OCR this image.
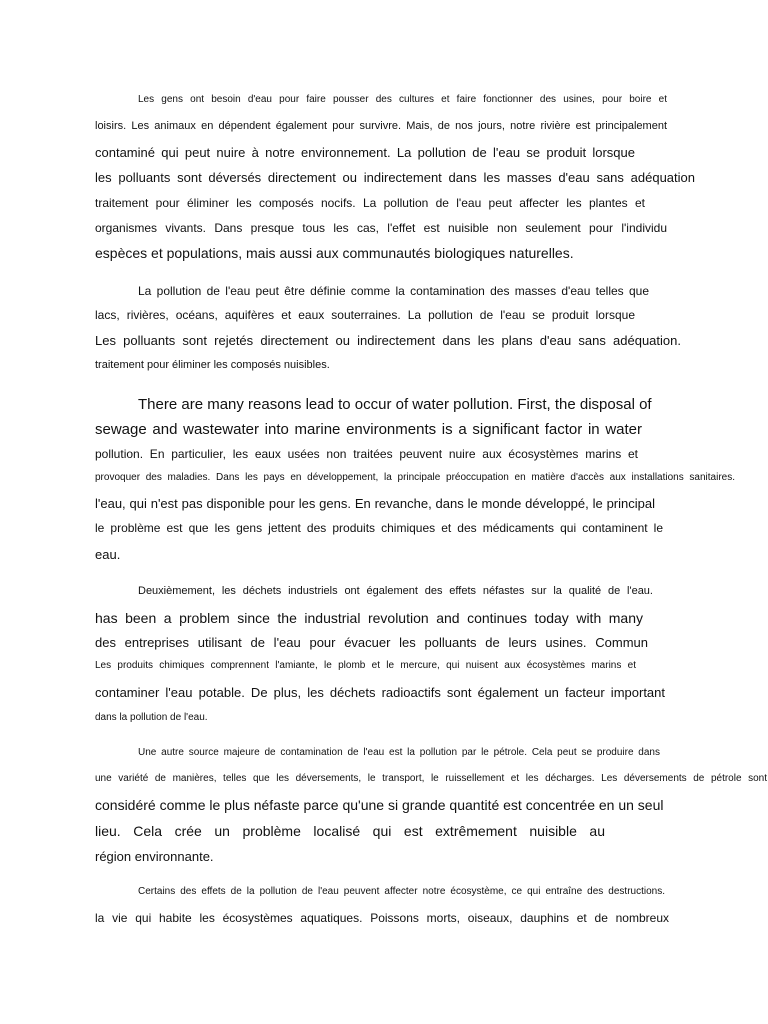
Les gens ont besoin d'eau pour faire pousser des cultures et faire fonctionner des usines, pour boire et
loisirs. Les animaux en dépendent également pour survivre. Mais, de nos jours, notre rivière est principalement
contaminé qui peut nuire à notre environnement. La pollution de l'eau se produit lorsque
les polluants sont déversés directement ou indirectement dans les masses d'eau sans adéquation
traitement pour éliminer les composés nocifs. La pollution de l'eau peut affecter les plantes et
organismes vivants. Dans presque tous les cas, l'effet est nuisible non seulement pour l'individu
espèces et populations, mais aussi aux communautés biologiques naturelles.
La pollution de l'eau peut être définie comme la contamination des masses d'eau telles que
lacs, rivières, océans, aquifères et eaux souterraines. La pollution de l'eau se produit lorsque
Les polluants sont rejetés directement ou indirectement dans les plans d'eau sans adéquation.
traitement pour éliminer les composés nuisibles.
There are many reasons lead to occur of water pollution. First, the disposal of
sewage and wastewater into marine environments is a significant factor in water
pollution. En particulier, les eaux usées non traitées peuvent nuire aux écosystèmes marins et
provoquer des maladies. Dans les pays en développement, la principale préoccupation en matière d'accès aux installations sanitaires.
l'eau, qui n'est pas disponible pour les gens. En revanche, dans le monde développé, le principal
le problème est que les gens jettent des produits chimiques et des médicaments qui contaminent le
eau.
Deuxièmement, les déchets industriels ont également des effets néfastes sur la qualité de l'eau.
has been a problem since the industrial revolution and continues today with many
des entreprises utilisant de l'eau pour évacuer les polluants de leurs usines. Commun
Les produits chimiques comprennent l'amiante, le plomb et le mercure, qui nuisent aux écosystèmes marins et
contaminer l'eau potable. De plus, les déchets radioactifs sont également un facteur important
dans la pollution de l'eau.
Une autre source majeure de contamination de l'eau est la pollution par le pétrole. Cela peut se produire dans
une variété de manières, telles que les déversements, le transport, le ruissellement et les décharges. Les déversements de pétrole sont
considéré comme le plus néfaste parce qu'une si grande quantité est concentrée en un seul
lieu. Cela crée un problème localisé qui est extrêmement nuisible au
région environnante.
Certains des effets de la pollution de l'eau peuvent affecter notre écosystème, ce qui entraîne des destructions.
la vie qui habite les écosystèmes aquatiques. Poissons morts, oiseaux, dauphins et de nombreux
